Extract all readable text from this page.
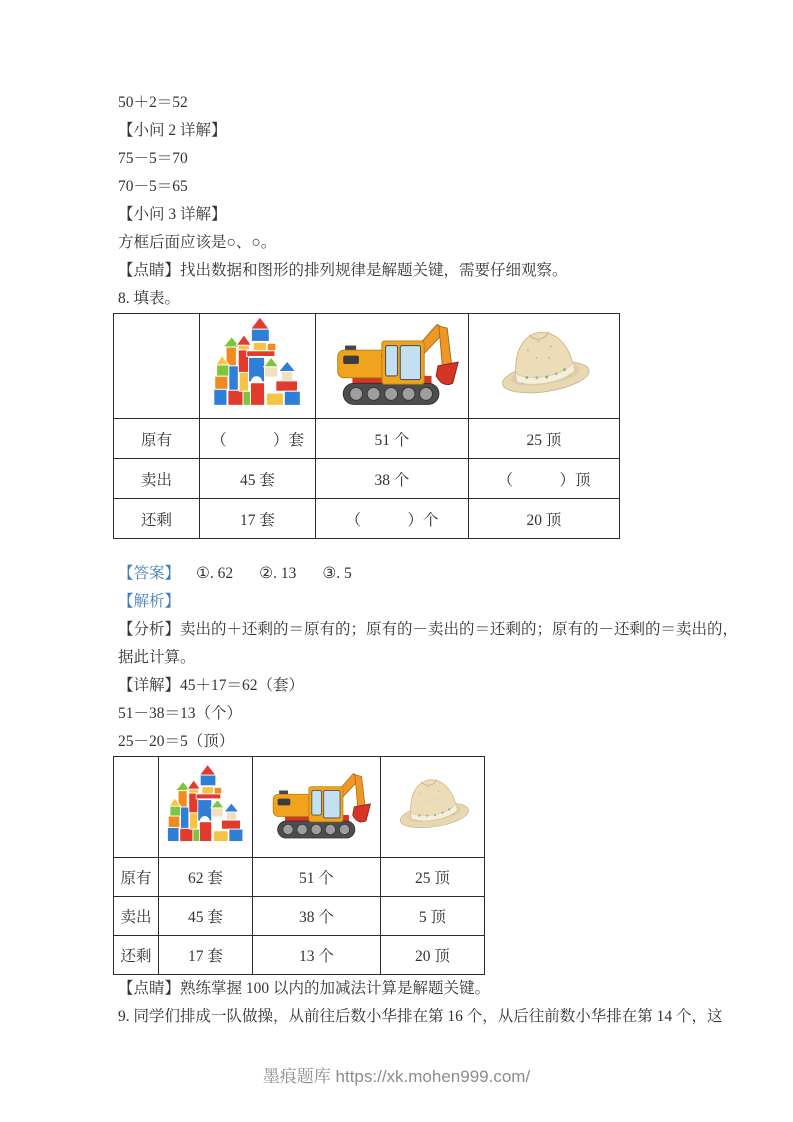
50＋2＝52

【小问 2 详解】

75－5＝70

70－5＝65

【小问 3 详解】

方框后面应该是○、○。

【点睛】找出数据和图形的排列规律是解题关键，需要仔细观察。

8. 填表。

原有	（　　　）套	51 个	25 顶
卖出	45 套	38 个	（　　　）顶
还剩	17 套	（　　　）个	20 顶

【答案】 ①. 62 ②. 13 ③. 5

【解析】

【分析】卖出的＋还剩的＝原有的；原有的－卖出的＝还剩的；原有的－还剩的＝卖出的，

据此计算。

【详解】45＋17＝62（套）

51－38＝13（个）

25－20＝5（顶）

原有	62 套	51 个	25 顶
卖出	45 套	38 个	5 顶
还剩	17 套	13 个	20 顶

【点睛】熟练掌握 100 以内的加减法计算是解题关键。

9. 同学们排成一队做操，从前往后数小华排在第 16 个，从后往前数小华排在第 14 个，这

墨痕题库 https://xk.mohen999.com/
